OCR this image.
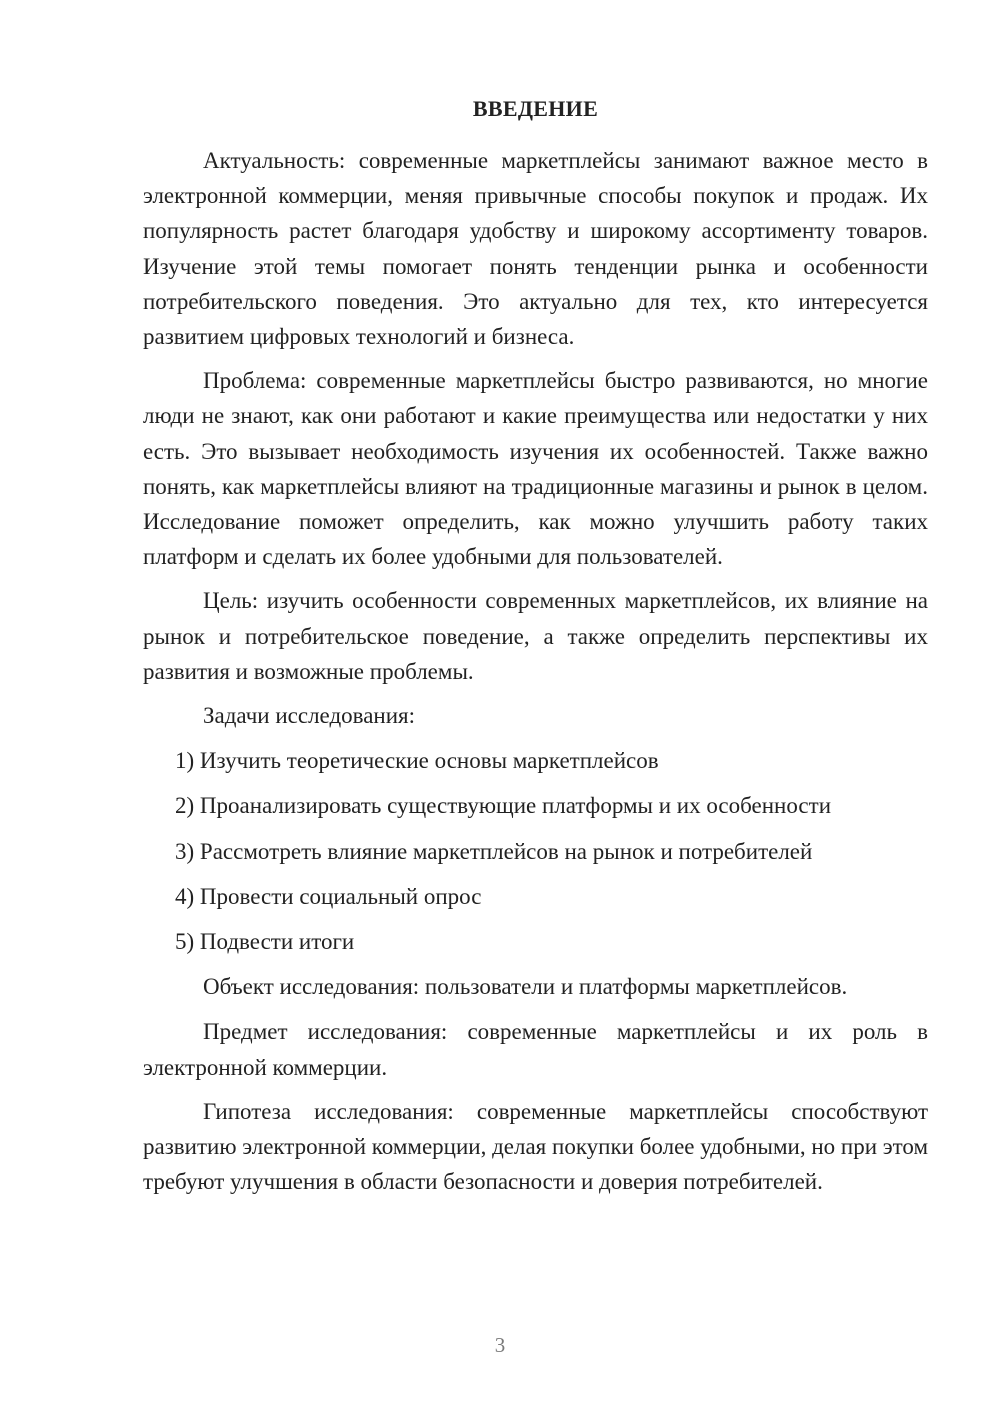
ВВЕДЕНИЕ

Актуальность: современные маркетплейсы занимают важное место в электронной коммерции, меняя привычные способы покупок и продаж. Их популярность растет благодаря удобству и широкому ассортименту товаров. Изучение этой темы помогает понять тенденции рынка и особенности потребительского поведения. Это актуально для тех, кто интересуется развитием цифровых технологий и бизнеса.

Проблема: современные маркетплейсы быстро развиваются, но многие люди не знают, как они работают и какие преимущества или недостатки у них есть. Это вызывает необходимость изучения их особенностей. Также важно понять, как маркетплейсы влияют на традиционные магазины и рынок в целом. Исследование поможет определить, как можно улучшить работу таких платформ и сделать их более удобными для пользователей.

Цель: изучить особенности современных маркетплейсов, их влияние на рынок и потребительское поведение, а также определить перспективы их развития и возможные проблемы.

Задачи исследования:

1) Изучить теоретические основы маркетплейсов
2) Проанализировать существующие платформы и их особенности
3) Рассмотреть влияние маркетплейсов на рынок и потребителей
4) Провести социальный опрос
5) Подвести итоги

Объект исследования: пользователи и платформы маркетплейсов.

Предмет исследования: современные маркетплейсы и их роль в электронной коммерции.

Гипотеза исследования: современные маркетплейсы способствуют развитию электронной коммерции, делая покупки более удобными, но при этом требуют улучшения в области безопасности и доверия потребителей.

3
